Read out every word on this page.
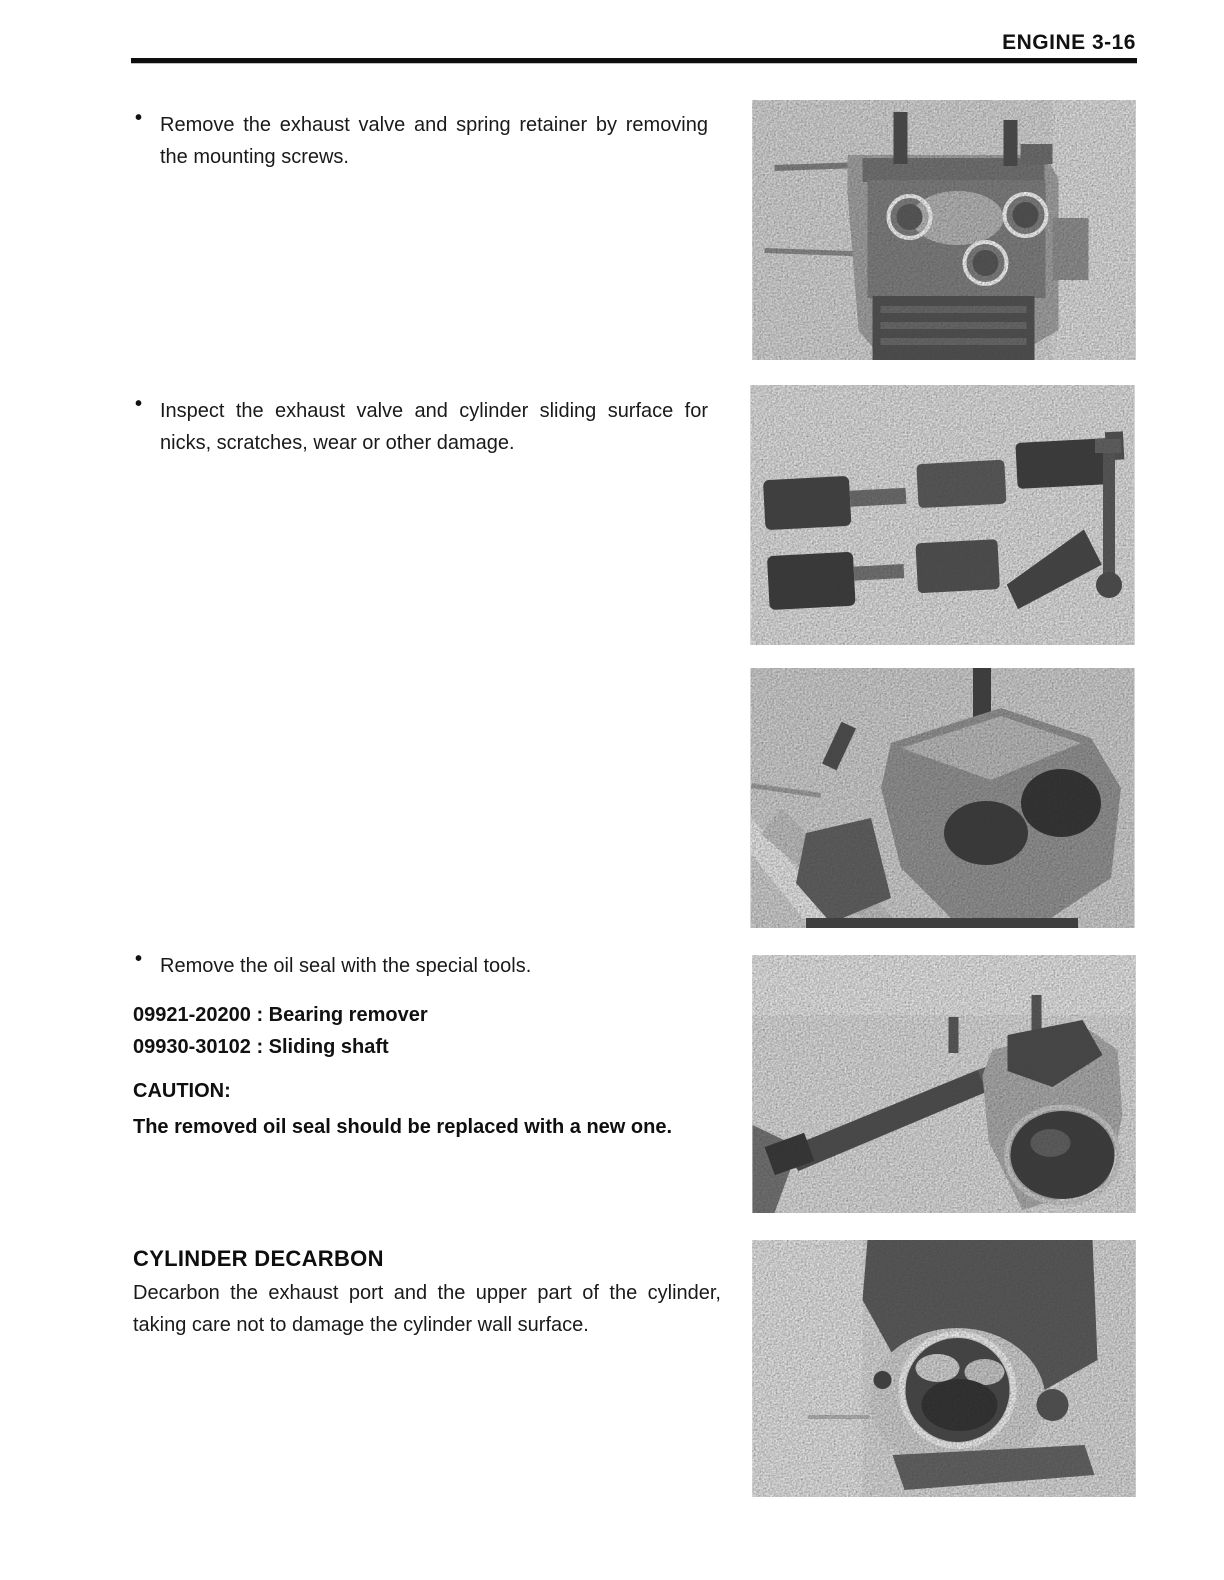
ENGINE 3-16
• Remove the exhaust valve and spring retainer by removing the mounting screws.
• Inspect the exhaust valve and cylinder sliding surface for nicks, scratches, wear or other damage.
• Remove the oil seal with the special tools.
09921-20200 : Bearing remover
09930-30102 : Sliding shaft
CAUTION:
The removed oil seal should be replaced with a new one.
CYLINDER DECARBON
Decarbon the exhaust port and the upper part of the cylinder, taking care not to damage the cylinder wall surface.
